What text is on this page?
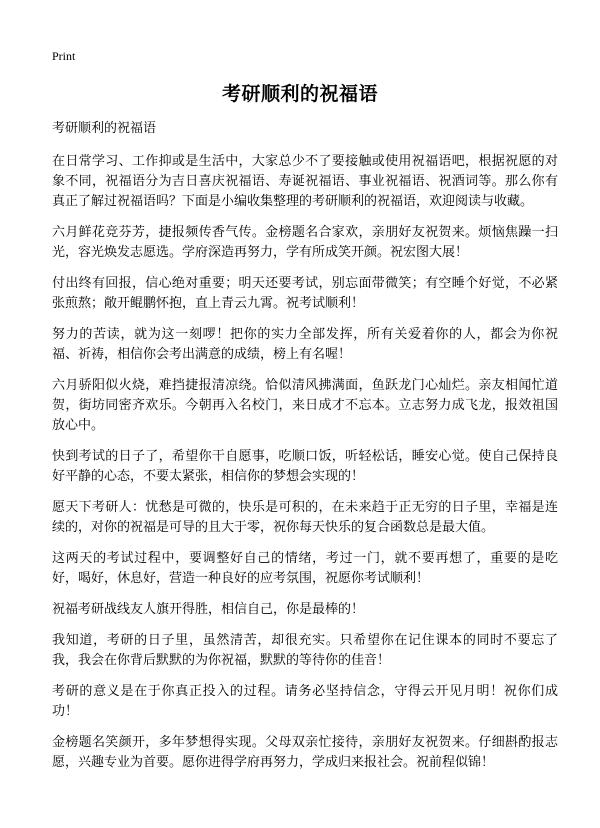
Print
考研顺利的祝福语

考研顺利的祝福语

在日常学习、工作抑或是生活中，大家总少不了要接触或使用祝福语吧，根据祝愿的对象不同，祝福语分为吉日喜庆祝福语、寿诞祝福语、事业祝福语、祝酒词等。那么你有真正了解过祝福语吗？下面是小编收集整理的考研顺利的祝福语，欢迎阅读与收藏。

六月鲜花竞芬芳，捷报频传香气传。金榜题名合家欢，亲朋好友祝贺来。烦恼焦躁一扫光，容光焕发志愿选。学府深造再努力，学有所成笑开颜。祝宏图大展！

付出终有回报，信心绝对重要；明天还要考试，别忘面带微笑；有空睡个好觉，不必紧张煎熬；敞开鲲鹏怀抱，直上青云九霄。祝考试顺利！

努力的苦读，就为这一刻啰！把你的实力全部发挥，所有关爱着你的人，都会为你祝福、祈祷，相信你会考出满意的成绩，榜上有名喔！

六月骄阳似火烧，难挡捷报清凉绕。恰似清风拂满面，鱼跃龙门心灿烂。亲友相闻忙道贺，街坊同密齐欢乐。今朝再入名校门，来日成才不忘本。立志努力成飞龙，报效祖国放心中。

快到考试的日子了，希望你干自愿事，吃顺口饭，听轻松话，睡安心觉。使自己保持良好平静的心态，不要太紧张，相信你的梦想会实现的！

愿天下考研人：忧愁是可微的，快乐是可积的，在未来趋于正无穷的日子里，幸福是连续的，对你的祝福是可导的且大于零，祝你每天快乐的复合函数总是最大值。

这两天的考试过程中，要调整好自己的情绪，考过一门，就不要再想了，重要的是吃好，喝好，休息好，营造一种良好的应考氛围，祝愿你考试顺利！

祝福考研战线友人旗开得胜，相信自己，你是最棒的！

我知道，考研的日子里，虽然清苦，却很充实。只希望你在记住课本的同时不要忘了我，我会在你背后默默的为你祝福，默默的等待你的佳音！

考研的意义是在于你真正投入的过程。请务必坚持信念，守得云开见月明！祝你们成功！

金榜题名笑颜开，多年梦想得实现。父母双亲忙接待，亲朋好友祝贺来。仔细斟酌报志愿，兴趣专业为首要。愿你进得学府再努力，学成归来报社会。祝前程似锦！
